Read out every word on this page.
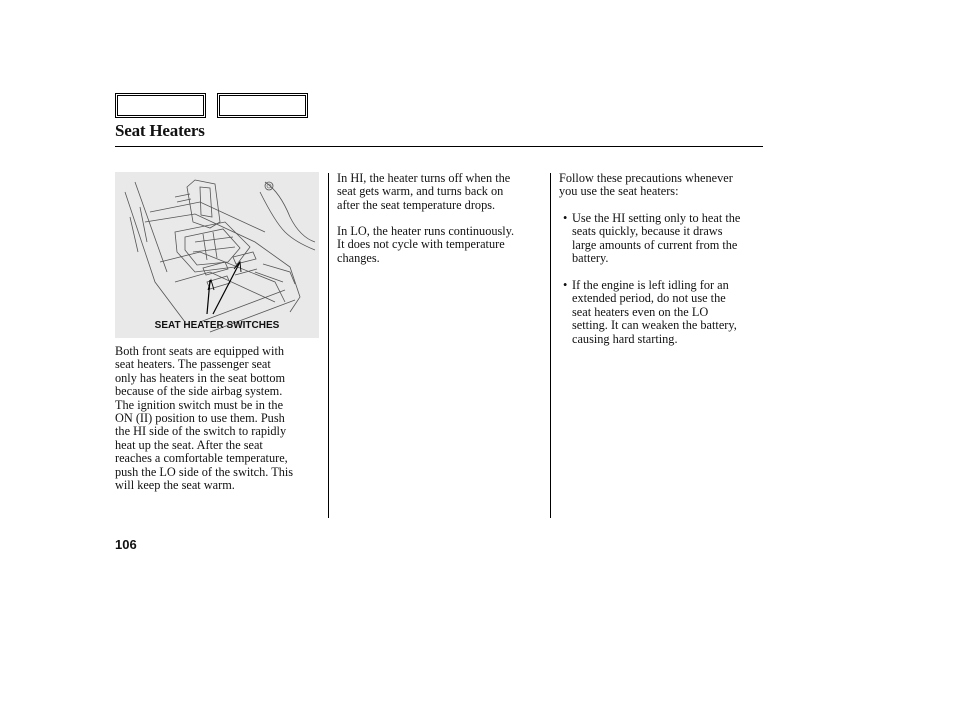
Seat Heaters
SEAT HEATER SWITCHES
Both front seats are equipped with
seat heaters. The passenger seat
only has heaters in the seat bottom
because of the side airbag system.
The ignition switch must be in the
ON (II) position to use them. Push
the HI side of the switch to rapidly
heat up the seat. After the seat
reaches a comfortable temperature,
push the LO side of the switch. This
will keep the seat warm.
In HI, the heater turns off when the
seat gets warm, and turns back on
after the seat temperature drops.
In LO, the heater runs continuously.
It does not cycle with temperature
changes.
Follow these precautions whenever
you use the seat heaters:
• Use the HI setting only to heat the
seats quickly, because it draws
large amounts of current from the
battery.
• If the engine is left idling for an
extended period, do not use the
seat heaters even on the LO
setting. It can weaken the battery,
causing hard starting.
106
